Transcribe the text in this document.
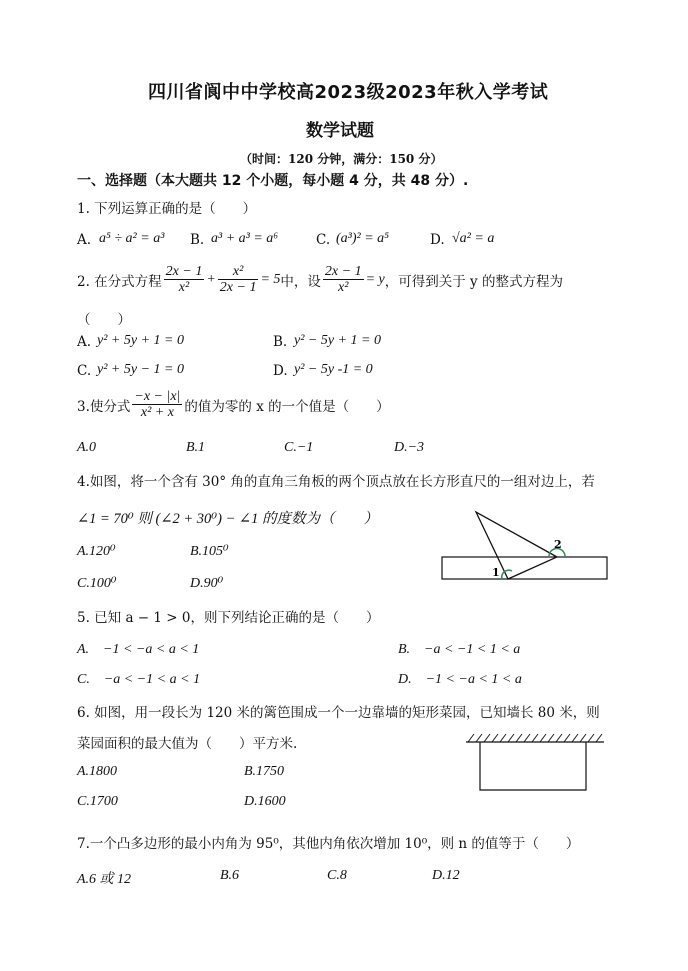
四川省阆中中学校高2023级2023年秋入学考试
数学试题
（时间：120 分钟，满分：150 分）
一、选择题（本大题共 12 个小题，每小题 4 分，共 48 分）.
1. 下列运算正确的是（　　）
A. a⁵ ÷ a² = a³ B. a³ + a³ = a⁶	C. (a³)² = a⁵	D. √a² = a
2. 在分式方程 $\frac{2x - 1}{\text{x²}} + \frac{\text{x²}}{2x - 1} = 5$ 中，设 $\frac{2x - 1}{\text{x²}} = y$ ，可得到关于 y 的整式方程为
（　　）
A. y² + 5y + 1 = 0	B. y² − 5y + 1 = 0
C. y² + 5y − 1 = 0	D. y² − 5y ‑1 = 0
3.使分式 $\frac{-x - |x|}{\text{x² + x}}$ 的值为零的 x 的一个值是（　　）
A.0	B.1	C.−1	D.−3
4.如图，将一个含有 30° 角的直角三角板的两个顶点放在长方形直尺的一组对边上，若
∠1 = 70⁰ 则 (∠2 + 30⁰) − ∠1 的度数为（　　）
A.120⁰	B.105⁰
C.100⁰	D.90⁰
1
2
5. 已知 a − 1 > 0，则下列结论正确的是（　　）
A.　−1 < −a < a < 1	B.　−a < −1 < 1 < a
C.　−a < −1 < a < 1	D.　−1 < −a < 1 < a
6. 如图，用一段长为 120 米的篱笆围成一个一边靠墙的矩形菜园，已知墙长 80 米，则
菜园面积的最大值为（　　）平方米.
A.1800	B.1750
C.1700	D.1600
7.一个凸多边形的最小内角为 95⁰，其他内角依次增加 10⁰，则 n 的值等于（　　）
A.6 或 12	B.6	C.8	D.12
